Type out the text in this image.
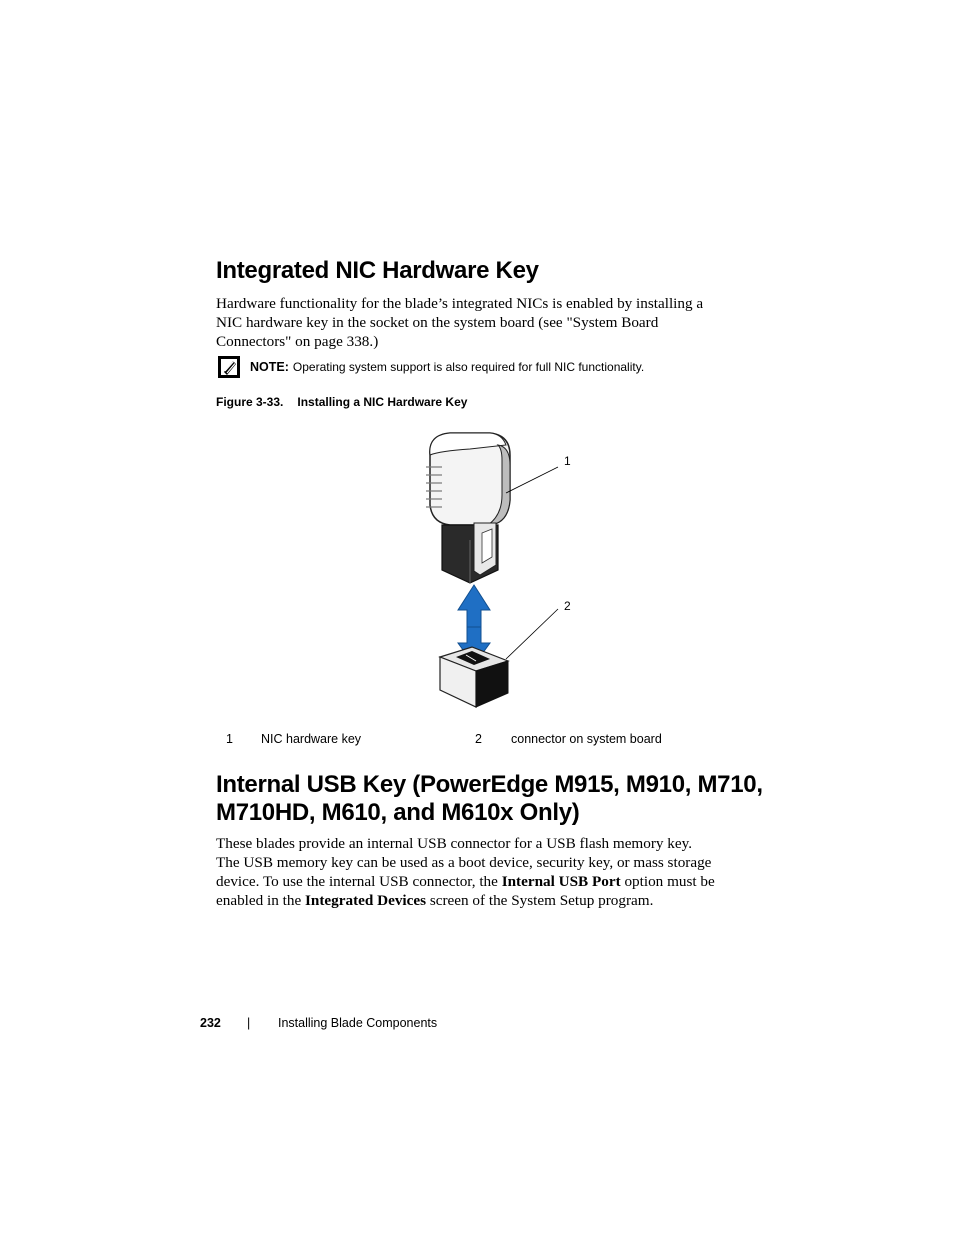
Integrated NIC Hardware Key

Hardware functionality for the blade’s integrated NICs is enabled by installing a NIC hardware key in the socket on the system board (see "System Board Connectors" on page 338.)

NOTE: Operating system support is also required for full NIC functionality.
Figure 3-33. Installing a NIC Hardware Key
1
2
1 NIC hardware key	2 connector on system board
Internal USB Key (PowerEdge M915, M910, M710,
M710HD, M610, and M610x Only)

These blades provide an internal USB connector for a USB flash memory key. The USB memory key can be used as a boot device, security key, or mass storage device. To use the internal USB connector, the Internal USB Port option must be enabled in the Integrated Devices screen of the System Setup program.

232 | Installing Blade Components
